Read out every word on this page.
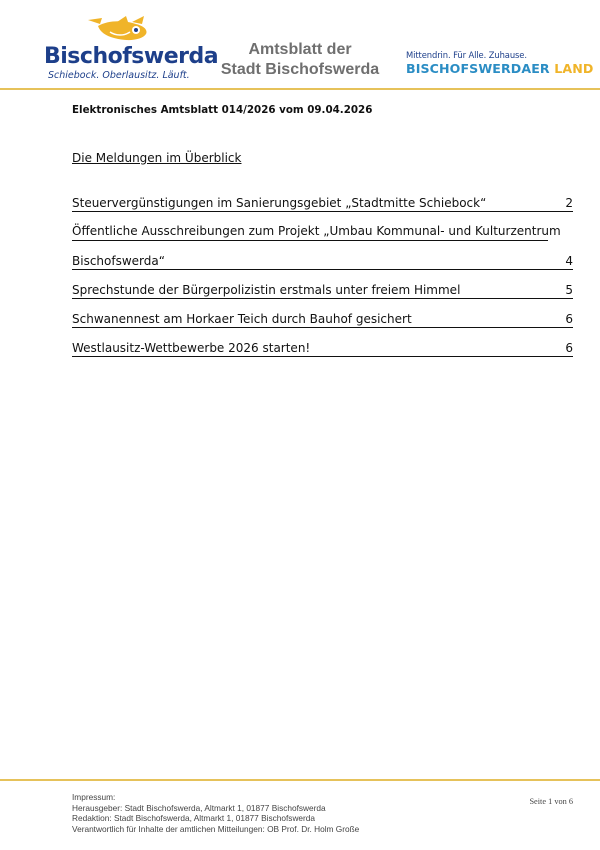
Bischofswerda
Schiebock. Oberlausitz. Läuft.
Amtsblatt der
Stadt Bischofswerda
Mittendrin. Für Alle. Zuhause.
BISCHOFSWERDAER LAND
Elektronisches Amtsblatt 014/2026 vom 09.04.2026
Die Meldungen im Überblick
Steuervergünstigungen im Sanierungsgebiet „Stadtmitte Schiebock“	2
Öffentliche Ausschreibungen zum Projekt „Umbau Kommunal- und Kulturzentrum
Bischofswerda“	4
Sprechstunde der Bürgerpolizistin erstmals unter freiem Himmel	5
Schwanennest am Horkaer Teich durch Bauhof gesichert	6
Westlausitz-Wettbewerbe 2026 starten!	6
Impressum:
Herausgeber: Stadt Bischofswerda, Altmarkt 1, 01877 Bischofswerda
Redaktion: Stadt Bischofswerda, Altmarkt 1, 01877 Bischofswerda
Verantwortlich für Inhalte der amtlichen Mitteilungen: OB Prof. Dr. Holm Große
Seite 1 von 6
